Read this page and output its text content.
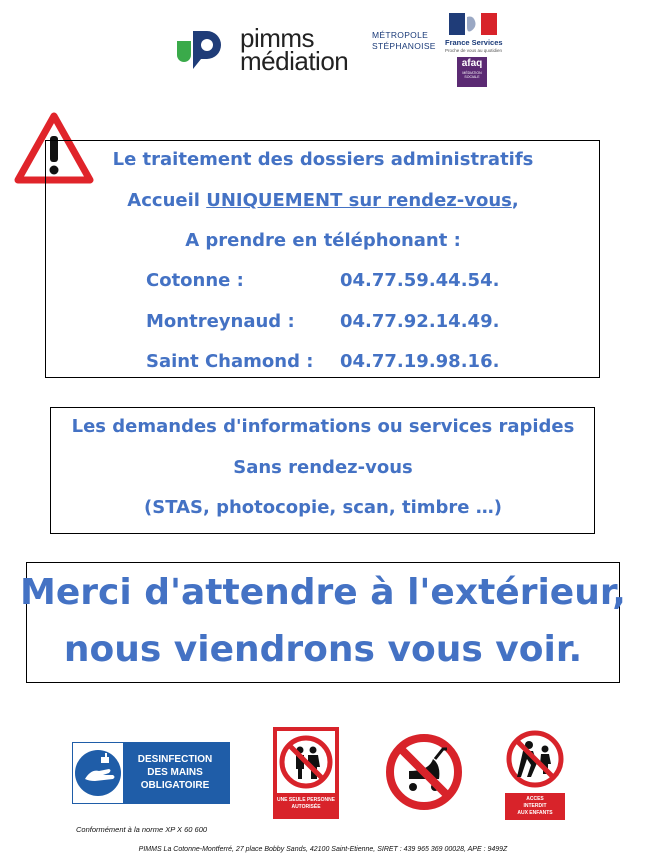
pimms
médiation
MÉTROPOLE
STÉPHANOISE France Services
Proche de vous au quotidien
afaq
MÉDIATION SOCIALE
Le traitement des dossiers administratifs
Accueil UNIQUEMENT sur rendez-vous,
A prendre en téléphonant :
Cotonne :	04.77.59.44.54.
Montreynaud :	04.77.92.14.49.
Saint Chamond : 04.77.19.98.16.
Les demandes d'informations ou services rapides
Sans rendez-vous
(STAS, photocopie, scan, timbre …)
Merci d'attendre à l'extérieur,
nous viendrons vous voir.
DESINFECTION
DES MAINS
OBLIGATOIRE
Conformément à la norme XP X 60 600
UNE SEULE PERSONNE
AUTORISÉE
ACCES
INTERDIT
AUX ENFANTS
PIMMS La Cotonne-Montferré, 27 place Bobby Sands, 42100 Saint-Etienne, SIRET : 439 965 369 00028, APE : 9499Z
